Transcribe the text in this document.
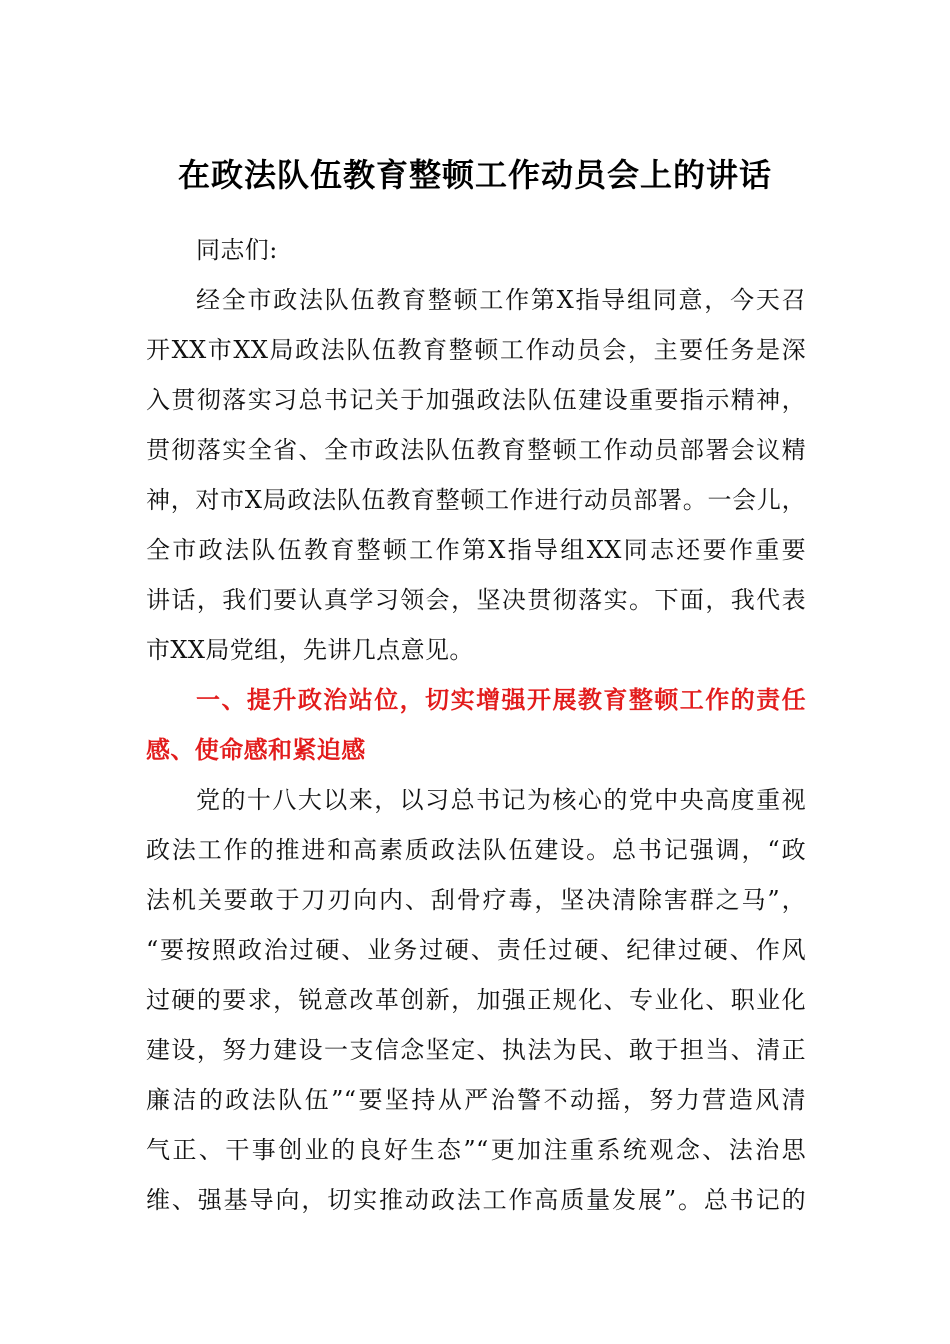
在政法队伍教育整顿工作动员会上的讲话
同志们:
经全市政法队伍教育整顿工作第X指导组同意，今天召
开XX市XX局政法队伍教育整顿工作动员会，主要任务是深
入贯彻落实习总书记关于加强政法队伍建设重要指示精神，
贯彻落实全省、全市政法队伍教育整顿工作动员部署会议精
神，对市X局政法队伍教育整顿工作进行动员部署。一会儿，
全市政法队伍教育整顿工作第X指导组XX同志还要作重要
讲话，我们要认真学习领会，坚决贯彻落实。下面，我代表
市XX局党组，先讲几点意见。
一、提升政治站位，切实增强开展教育整顿工作的责任
感、使命感和紧迫感
党的十八大以来，以习总书记为核心的党中央高度重视
政法工作的推进和高素质政法队伍建设。总书记强调，“政
法机关要敢于刀刃向内、刮骨疗毒，坚决清除害群之马”，
“要按照政治过硬、业务过硬、责任过硬、纪律过硬、作风
过硬的要求，锐意改革创新，加强正规化、专业化、职业化
建设，努力建设一支信念坚定、执法为民、敢于担当、清正
廉洁的政法队伍”“要坚持从严治警不动摇，努力营造风清
气正、干事创业的良好生态”“更加注重系统观念、法治思
维、强基导向，切实推动政法工作高质量发展”。总书记的
